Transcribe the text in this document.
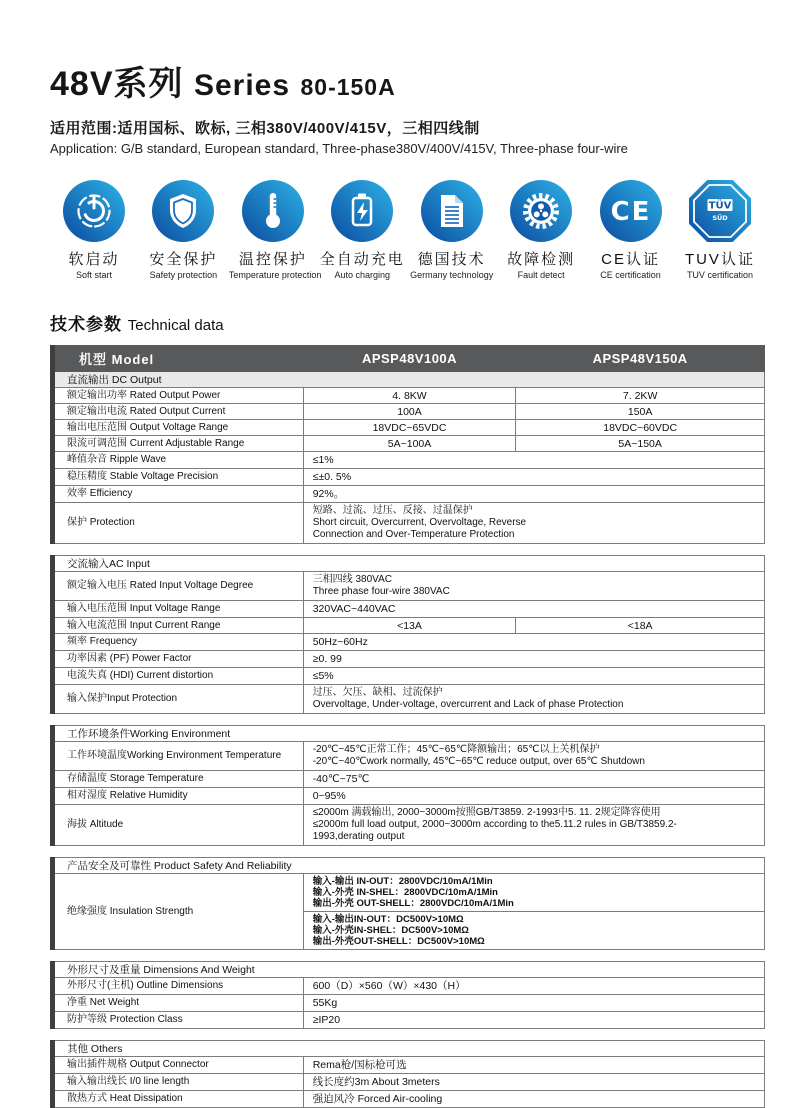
48V系列 Series 80-150A

适用范围:适用国标、欧标, 三相380V/400V/415V，三相四线制

Application: G/B standard, European standard, Three-phase380V/400V/415V, Three-phase four-wire

软启动
Soft start
安全保护
Safety protection
温控保护
Temperature protection
全自动充电
Auto charging
德国技术
Germany technology
故障检测
Fault detect
CE
CE认证
CE certification
TÜV
SÜD
TUV认证
TUV certification
技术参数 Technical data
机型 Model	APSP48V100A	APSP48V150A

直流输出 DC Output		

额定输出功率 Rated Output Power	4. 8KW	7. 2KW

额定输出电流 Rated Output Current	100A	150A

输出电压范围 Output Voltage Range	18VDC~65VDC	18VDC~60VDC

限流可调范围 Current Adjustable Range	5A~100A	5A~150A

峰值杂音 Ripple Wave	≤1%	

稳压精度 Stable Voltage Precision	≤±0. 5%	

效率 Efficiency	92%。	

保护 Protection	短路、过流、过压、反接、过温保护
Short circuit, Overcurrent, Overvoltage, Reverse
Connection and Over-Temperature Protection	
交流输入AC Input		

额定输入电压 Rated Input Voltage Degree	三相四线 380VAC
Three phase four-wire 380VAC	

输入电压范围 Input Voltage Range	320VAC~440VAC	

输入电流范围 Input Current Range	<13A	<18A

频率 Frequency	50Hz~60Hz	

功率因素 (PF) Power Factor	≥0. 99	

电流失真 (HDI) Current distortion	≤5%	

输入保护Input Protection	过压、欠压、缺相、过流保护
Overvoltage, Under-voltage, overcurrent and Lack of phase Protection	
工作环境条件Working Environment	

工作环境温度Working Environment Temperature	-20℃~45℃正常工作；45℃~65℃降额输出；65℃以上关机保护
-20℃~40℃work normally, 45℃~65℃ reduce output, over 65℃ Shutdown

存储温度 Storage Temperature	-40℃~75℃

相对湿度 Relative Humidity	0~95%

海拔 Altitude	≤2000m 满载输出, 2000~3000m按照GB/T3859. 2-1993中5. 11. 2规定降容使用
≤2000m full load output, 2000~3000m according to the5.11.2 rules in GB/T3859.2-
1993,derating output
产品安全及可靠性 Product Safety And Reliability

绝缘强度 Insulation Strength

输入-输出 IN-OUT：2800VDC/10mA/1Min
输入-外壳 IN-SHEL：2800VDC/10mA/1Min
输出-外壳 OUT-SHELL：2800VDC/10mA/1Min

输入-输出IN-OUT：DC500V>10MΩ
输入-外壳IN-SHEL：DC500V>10MΩ
输出-外壳OUT-SHELL：DC500V>10MΩ
外形尺寸及重量 Dimensions And Weight	

外形尺寸(主机) Outline Dimensions	600（D）×560（W）×430（H）

净重 Net Weight	55Kg

防护等级 Protection Class	≥IP20
其他 Others	

输出插件规格 Output Connector	Rema枪/国标枪可选

输入输出线长 I/0 line length	线长度约3m About 3meters

散热方式 Heat Dissipation	强迫风冷 Forced Air-cooling
